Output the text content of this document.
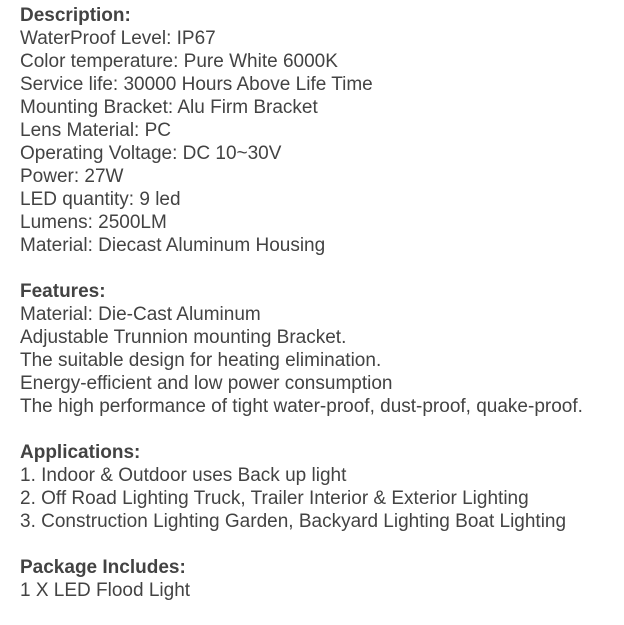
Description:
WaterProof Level: IP67
Color temperature: Pure White 6000K
Service life: 30000 Hours Above Life Time
Mounting Bracket: Alu Firm Bracket
Lens Material: PC
Operating Voltage: DC 10~30V
Power: 27W
LED quantity: 9 led
Lumens: 2500LM
Material: Diecast Aluminum Housing
Features:
Material: Die-Cast Aluminum
Adjustable Trunnion mounting Bracket.
The suitable design for heating elimination.
Energy-efficient and low power consumption
The high performance of tight water-proof, dust-proof, quake-proof.
Applications:
1. Indoor & Outdoor uses Back up light
2. Off Road Lighting Truck, Trailer Interior & Exterior Lighting
3. Construction Lighting Garden, Backyard Lighting Boat Lighting
Package Includes:
1 X LED Flood Light
